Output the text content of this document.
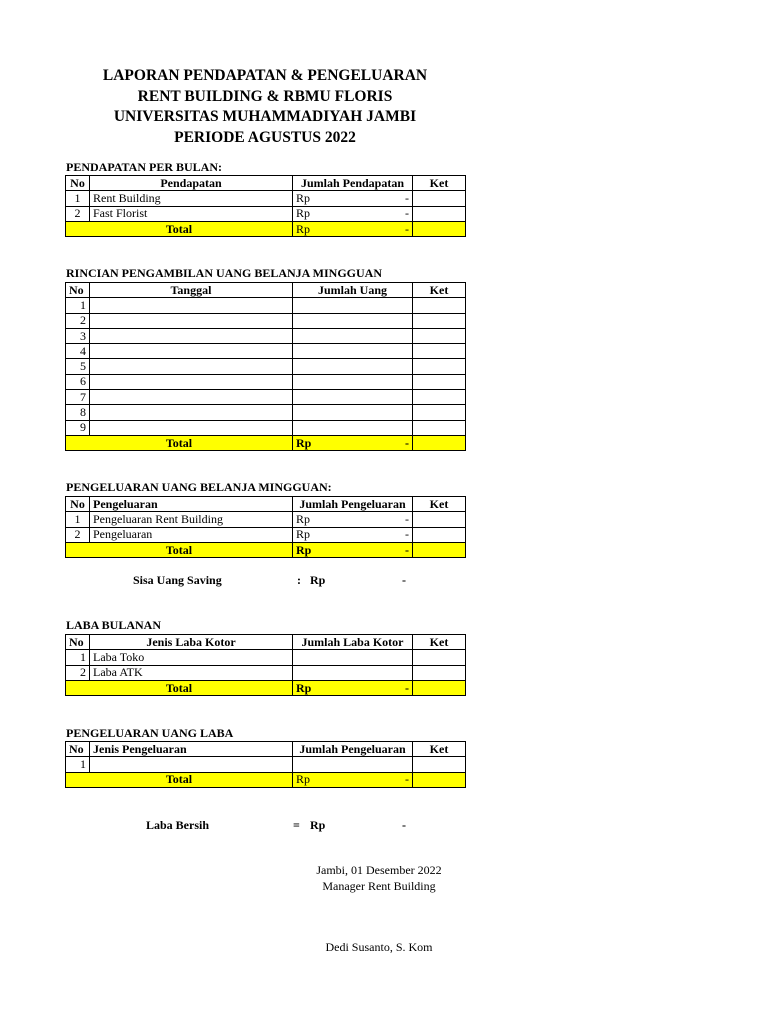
LAPORAN PENDAPATAN & PENGELUARAN
RENT BUILDING & RBMU FLORIS
UNIVERSITAS MUHAMMADIYAH JAMBI
PERIODE AGUSTUS 2022
PENDAPATAN PER BULAN:
No	Pendapatan	Jumlah Pendapatan	Ket
1	Rent Building	Rp -	

2	Fast Florist	Rp -	

Total		Rp -	

RINCIAN PENGAMBILAN UANG BELANJA MINGGUAN
No	Tanggal	Jumlah Uang	Ket
1			
2			
3			
4			
5			
6			
7			
8			
9			
Total		Rp -	

PENGELUARAN UANG BELANJA MINGGUAN:
No	Pengeluaran	Jumlah Pengeluaran	Ket
1	Pengeluaran Rent Building	Rp -	

2	Pengeluaran	Rp -	

Total		Rp -	

Sisa Uang Saving	: Rp	-
LABA BULANAN
No	Jenis Laba Kotor	Jumlah Laba Kotor	Ket
1	Laba Toko		
2	Laba ATK		
Total		Rp -	

PENGELUARAN UANG LABA
No	Jenis Pengeluaran	Jumlah Pengeluaran	Ket
1			
Total		Rp -	

Laba Bersih	= Rp	-
Jambi, 01 Desember 2022
Manager Rent Building
Dedi Susanto, S. Kom
